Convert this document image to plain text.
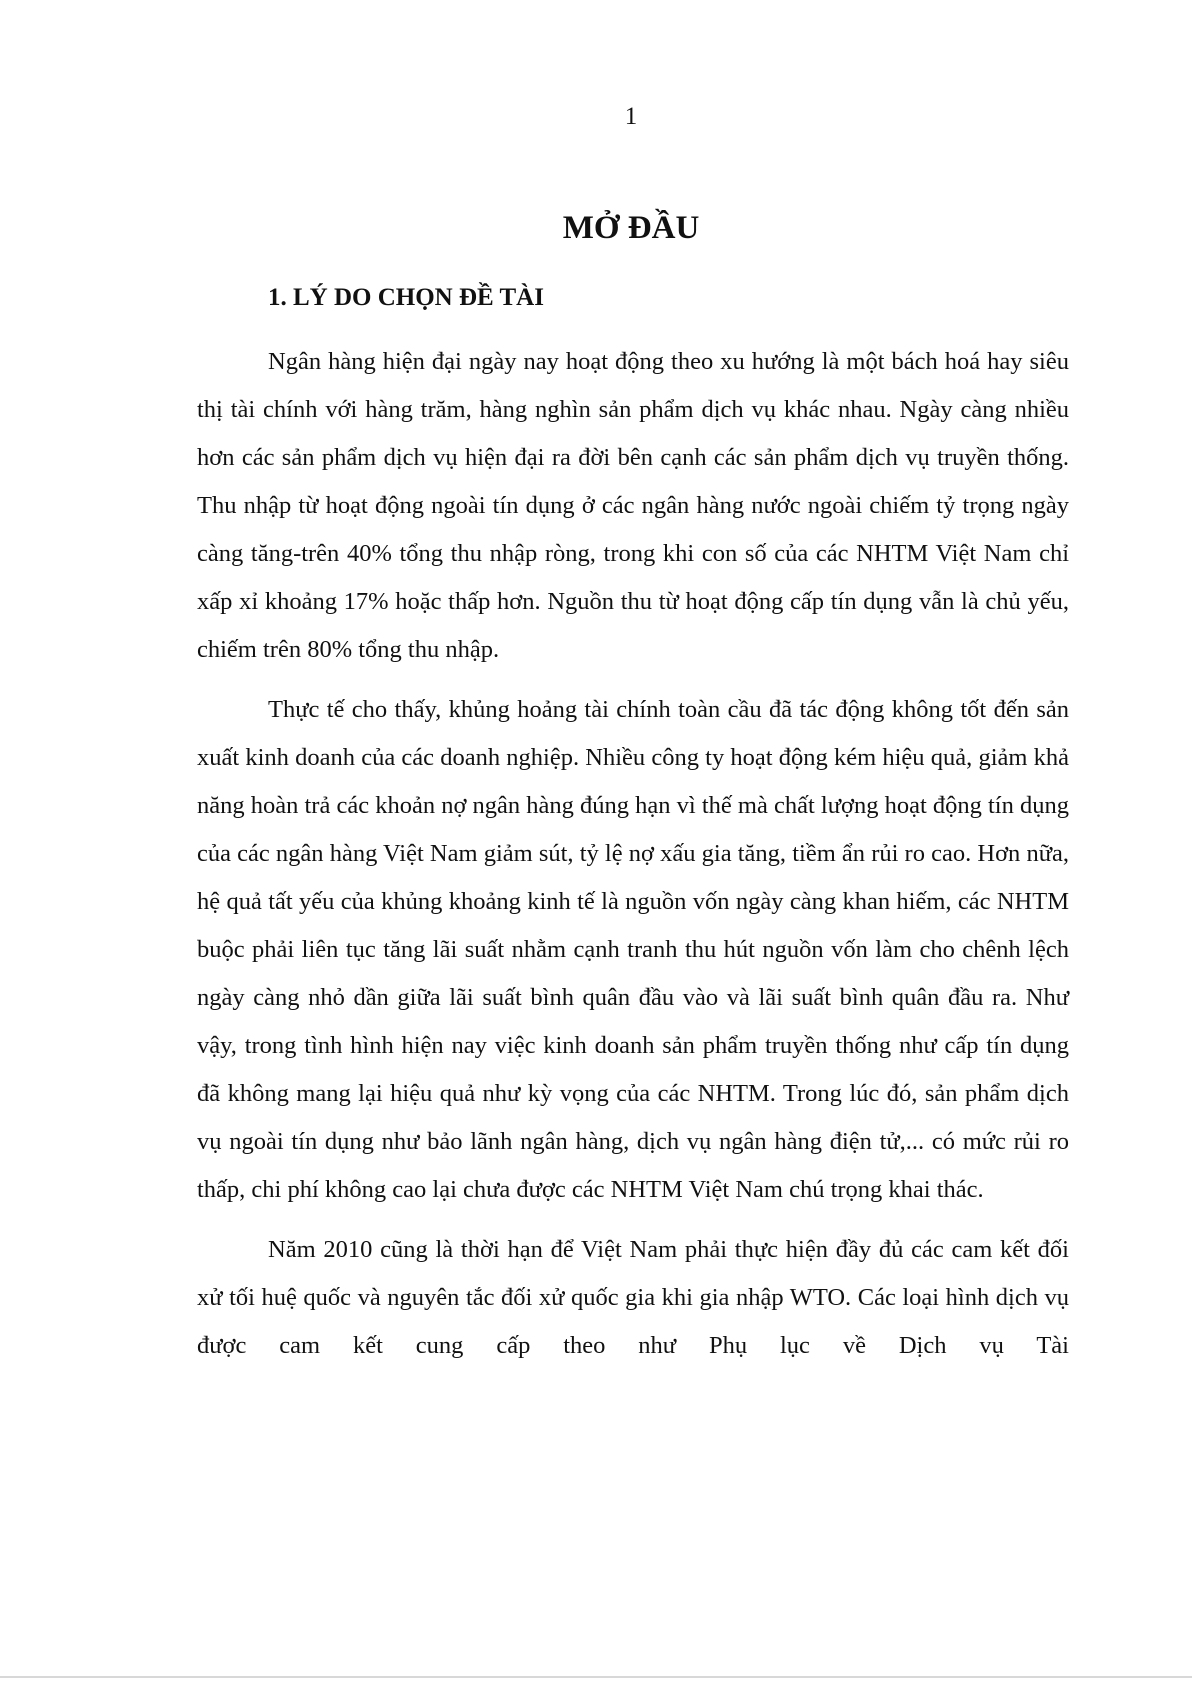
1
MỞ ĐẦU
1. LÝ DO CHỌN ĐỀ TÀI

Ngân hàng hiện đại ngày nay hoạt động theo xu hướng là một bách hoá hay siêu thị tài chính với hàng trăm, hàng nghìn sản phẩm dịch vụ khác nhau. Ngày càng nhiều hơn các sản phẩm dịch vụ hiện đại ra đời bên cạnh các sản phẩm dịch vụ truyền thống. Thu nhập từ hoạt động ngoài tín dụng ở các ngân hàng nước ngoài chiếm tỷ trọng ngày càng tăng-trên 40% tổng thu nhập ròng, trong khi con số của các NHTM Việt Nam chỉ xấp xỉ khoảng 17% hoặc thấp hơn. Nguồn thu từ hoạt động cấp tín dụng vẫn là chủ yếu, chiếm trên 80% tổng thu nhập.

Thực tế cho thấy, khủng hoảng tài chính toàn cầu đã tác động không tốt đến sản xuất kinh doanh của các doanh nghiệp. Nhiều công ty hoạt động kém hiệu quả, giảm khả năng hoàn trả các khoản nợ ngân hàng đúng hạn vì thế mà chất lượng hoạt động tín dụng của các ngân hàng Việt Nam giảm sút, tỷ lệ nợ xấu gia tăng, tiềm ẩn rủi ro cao. Hơn nữa, hệ quả tất yếu của khủng khoảng kinh tế là nguồn vốn ngày càng khan hiếm, các NHTM buộc phải liên tục tăng lãi suất nhằm cạnh tranh thu hút nguồn vốn làm cho chênh lệch ngày càng nhỏ dần giữa lãi suất bình quân đầu vào và lãi suất bình quân đầu ra. Như vậy, trong tình hình hiện nay việc kinh doanh sản phẩm truyền thống như cấp tín dụng đã không mang lại hiệu quả như kỳ vọng của các NHTM. Trong lúc đó, sản phẩm dịch vụ ngoài tín dụng như bảo lãnh ngân hàng, dịch vụ ngân hàng điện tử,... có mức rủi ro thấp, chi phí không cao lại chưa được các NHTM Việt Nam chú trọng khai thác.

Năm 2010 cũng là thời hạn để Việt Nam phải thực hiện đầy đủ các cam kết đối xử tối huệ quốc và nguyên tắc đối xử quốc gia khi gia nhập WTO. Các loại hình dịch vụ được cam kết cung cấp theo như Phụ lục về Dịch vụ Tài
